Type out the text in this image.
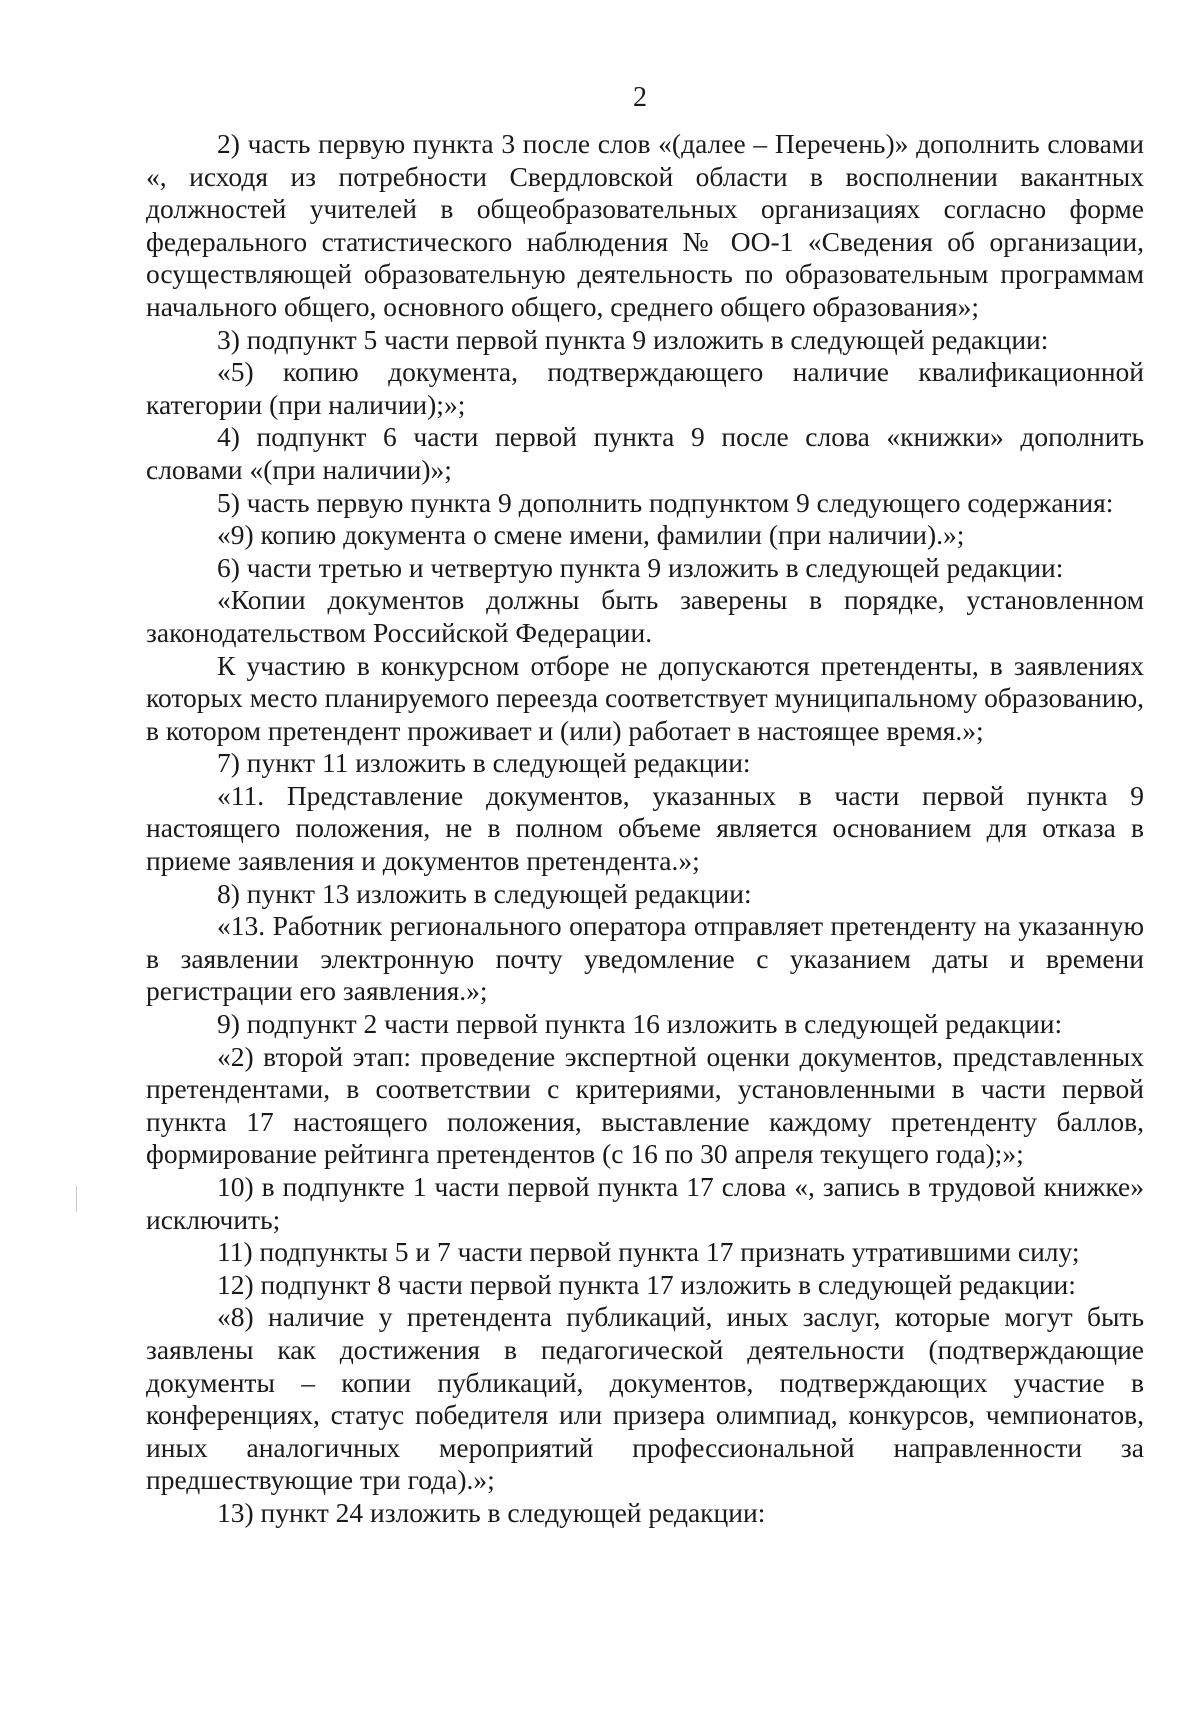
2

2) часть первую пункта 3 после слов «(далее – Перечень)» дополнить словами «, исходя из потребности Свердловской области в восполнении вакантных должностей учителей в общеобразовательных организациях согласно форме федерального статистического наблюдения № ОО-1 «Сведения об организации, осуществляющей образовательную деятельность по образовательным программам начального общего, основного общего, среднего общего образования»;

3) подпункт 5 части первой пункта 9 изложить в следующей редакции:

«5) копию документа, подтверждающего наличие квалификационной категории (при наличии);»;

4) подпункт 6 части первой пункта 9 после слова «книжки» дополнить словами «(при наличии)»;

5) часть первую пункта 9 дополнить подпунктом 9 следующего содержания:

«9) копию документа о смене имени, фамилии (при наличии).»;

6) части третью и четвертую пункта 9 изложить в следующей редакции:

«Копии документов должны быть заверены в порядке, установленном законодательством Российской Федерации.

К участию в конкурсном отборе не допускаются претенденты, в заявлениях которых место планируемого переезда соответствует муниципальному образованию, в котором претендент проживает и (или) работает в настоящее время.»;

7) пункт 11 изложить в следующей редакции:

«11. Представление документов, указанных в части первой пункта 9 настоящего положения, не в полном объеме является основанием для отказа в приеме заявления и документов претендента.»;

8) пункт 13 изложить в следующей редакции:

«13. Работник регионального оператора отправляет претенденту на указанную в заявлении электронную почту уведомление с указанием даты и времени регистрации его заявления.»;

9) подпункт 2 части первой пункта 16 изложить в следующей редакции:

«2) второй этап: проведение экспертной оценки документов, представленных претендентами, в соответствии с критериями, установленными в части первой пункта 17 настоящего положения, выставление каждому претенденту баллов, формирование рейтинга претендентов (с 16 по 30 апреля текущего года);»;

10) в подпункте 1 части первой пункта 17 слова «, запись в трудовой книжке» исключить;

11) подпункты 5 и 7 части первой пункта 17 признать утратившими силу;

12) подпункт 8 части первой пункта 17 изложить в следующей редакции:

«8) наличие у претендента публикаций, иных заслуг, которые могут быть заявлены как достижения в педагогической деятельности (подтверждающие документы – копии публикаций, документов, подтверждающих участие в конференциях, статус победителя или призера олимпиад, конкурсов, чемпионатов, иных аналогичных мероприятий профессиональной направленности за предшествующие три года).»;

13) пункт 24 изложить в следующей редакции:
